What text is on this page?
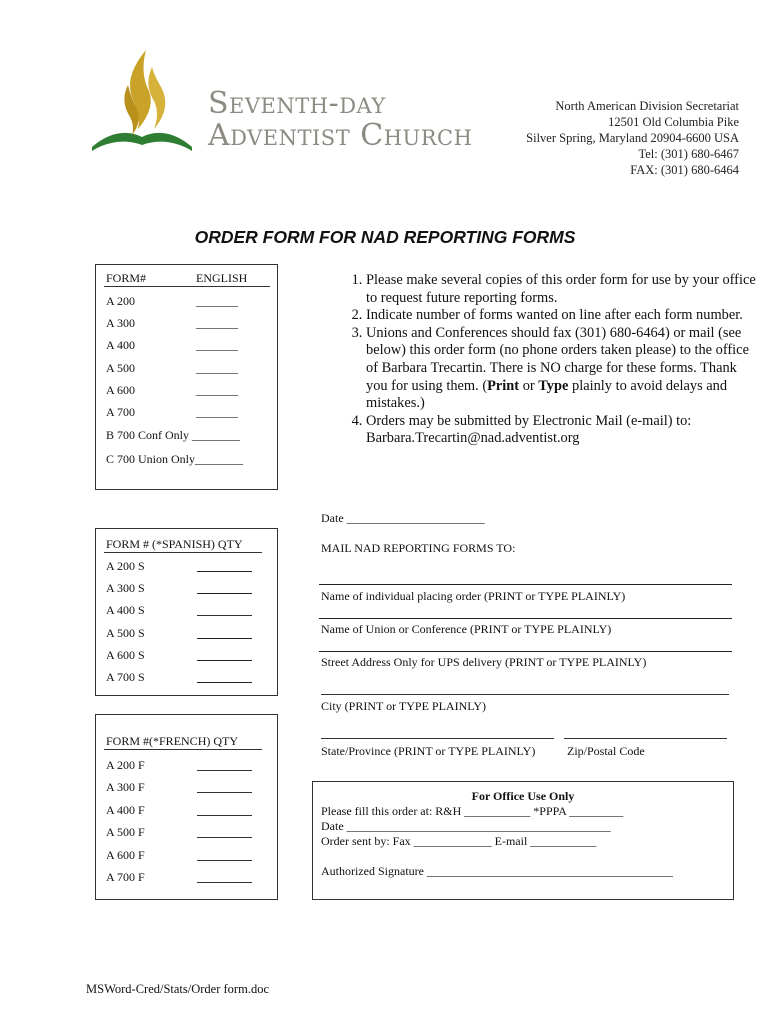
Seventh-day
Adventist Church
North American Division Secretariat
12501 Old Columbia Pike
Silver Spring, Maryland 20904-6600 USA
Tel: (301) 680-6467
FAX: (301) 680-6464
ORDER FORM FOR NAD REPORTING FORMS
FORM#	ENGLISH
A 200	_______
A 300	_______
A 400	_______
A 500	_______
A 600	_______
A 700	_______
B 700 Conf Only ________
C 700 Union Only________
1. Please make several copies of this order form for use by your office to request future reporting forms.
2. Indicate number of forms wanted on line after each form number.
3. Unions and Conferences should fax (301) 680-6464) or mail (see below) this order form (no phone orders taken please) to the office of Barbara Trecartin. There is NO charge for these forms. Thank you for using them. (Print or Type plainly to avoid delays and mistakes.)
4. Orders may be submitted by Electronic Mail (e-mail) to:
Barbara.Trecartin@nad.adventist.org
FORM # (*SPANISH) QTY
A 200 S
A 300 S
A 400 S
A 500 S
A 600 S
A 700 S
FORM #(*FRENCH) QTY
A 200 F
A 300 F
A 400 F
A 500 F
A 600 F
A 700 F
Date _______________________
MAIL NAD REPORTING FORMS TO:
Name of individual placing order (PRINT or TYPE PLAINLY)
Name of Union or Conference (PRINT or TYPE PLAINLY)
Street Address Only for UPS delivery (PRINT or TYPE PLAINLY)
City (PRINT or TYPE PLAINLY)
State/Province (PRINT or TYPE PLAINLY)	Zip/Postal Code
For Office Use Only
Please fill this order at: R&H ___________ *PPPA _________
Date ____________________________________________
Order sent by: Fax _____________ E-mail ___________
Authorized Signature _________________________________________
MSWord-Cred/Stats/Order form.doc
